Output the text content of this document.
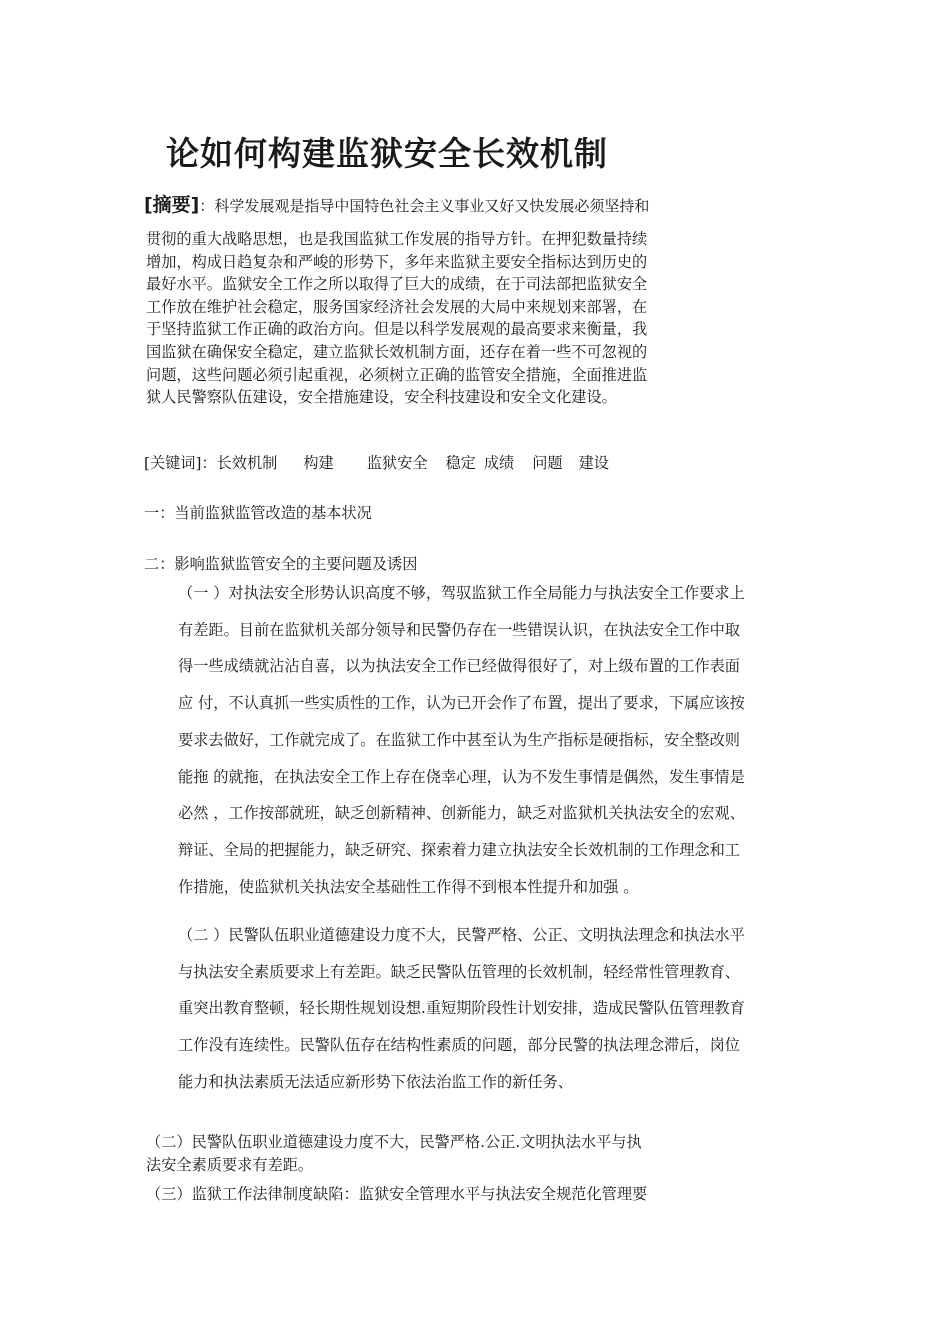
论如何构建监狱安全长效机制
[摘要]：科学发展观是指导中国特色社会主义事业又好又快发展必须坚持和
贯彻的重大战略思想，也是我国监狱工作发展的指导方针。在押犯数量持续
增加，构成日趋复杂和严峻的形势下，多年来监狱主要安全指标达到历史的
最好水平。监狱安全工作之所以取得了巨大的成绩，在于司法部把监狱安全
工作放在维护社会稳定，服务国家经济社会发展的大局中来规划来部署，在
于坚持监狱工作正确的政治方向。但是以科学发展观的最高要求来衡量，我
国监狱在确保安全稳定，建立监狱长效机制方面，还存在着一些不可忽视的
问题，这些问题必须引起重视，必须树立正确的监管安全措施，全面推进监
狱人民警察队伍建设，安全措施建设，安全科技建设和安全文化建设。
[关键词]：长效机制 构建 监狱安全 稳定 成绩 问题 建设
一：当前监狱监管改造的基本状况
二：影响监狱监管安全的主要问题及诱因
（一 ）对执法安全形势认识高度不够，驾驭监狱工作全局能力与执法安全工作要求上
有差距。目前在监狱机关部分领导和民警仍存在一些错误认识，在执法安全工作中取
得一些成绩就沾沾自喜，以为执法安全工作已经做得很好了，对上级布置的工作表面
应 付，不认真抓一些实质性的工作，认为已开会作了布置，提出了要求，下属应该按
要求去做好，工作就完成了。在监狱工作中甚至认为生产指标是硬指标，安全整改则
能拖 的就拖，在执法安全工作上存在侥幸心理，认为不发生事情是偶然，发生事情是
必然 ，工作按部就班，缺乏创新精神、创新能力，缺乏对监狱机关执法安全的宏观、
辩证、全局的把握能力，缺乏研究、探索着力建立执法安全长效机制的工作理念和工
作措施，使监狱机关执法安全基础性工作得不到根本性提升和加强 。
（二 ）民警队伍职业道德建设力度不大，民警严格、公正、文明执法理念和执法水平
与执法安全素质要求上有差距。缺乏民警队伍管理的长效机制，轻经常性管理教育、
重突出教育整顿，轻长期性规划设想.重短期阶段性计划安排，造成民警队伍管理教育
工作没有连续性。民警队伍存在结构性素质的问题，部分民警的执法理念滞后，岗位
能力和执法素质无法适应新形势下依法治监工作的新任务、
（二）民警队伍职业道德建设力度不大，民警严格.公正.文明执法水平与执
法安全素质要求有差距。
（三）监狱工作法律制度缺陷：监狱安全管理水平与执法安全规范化管理要
